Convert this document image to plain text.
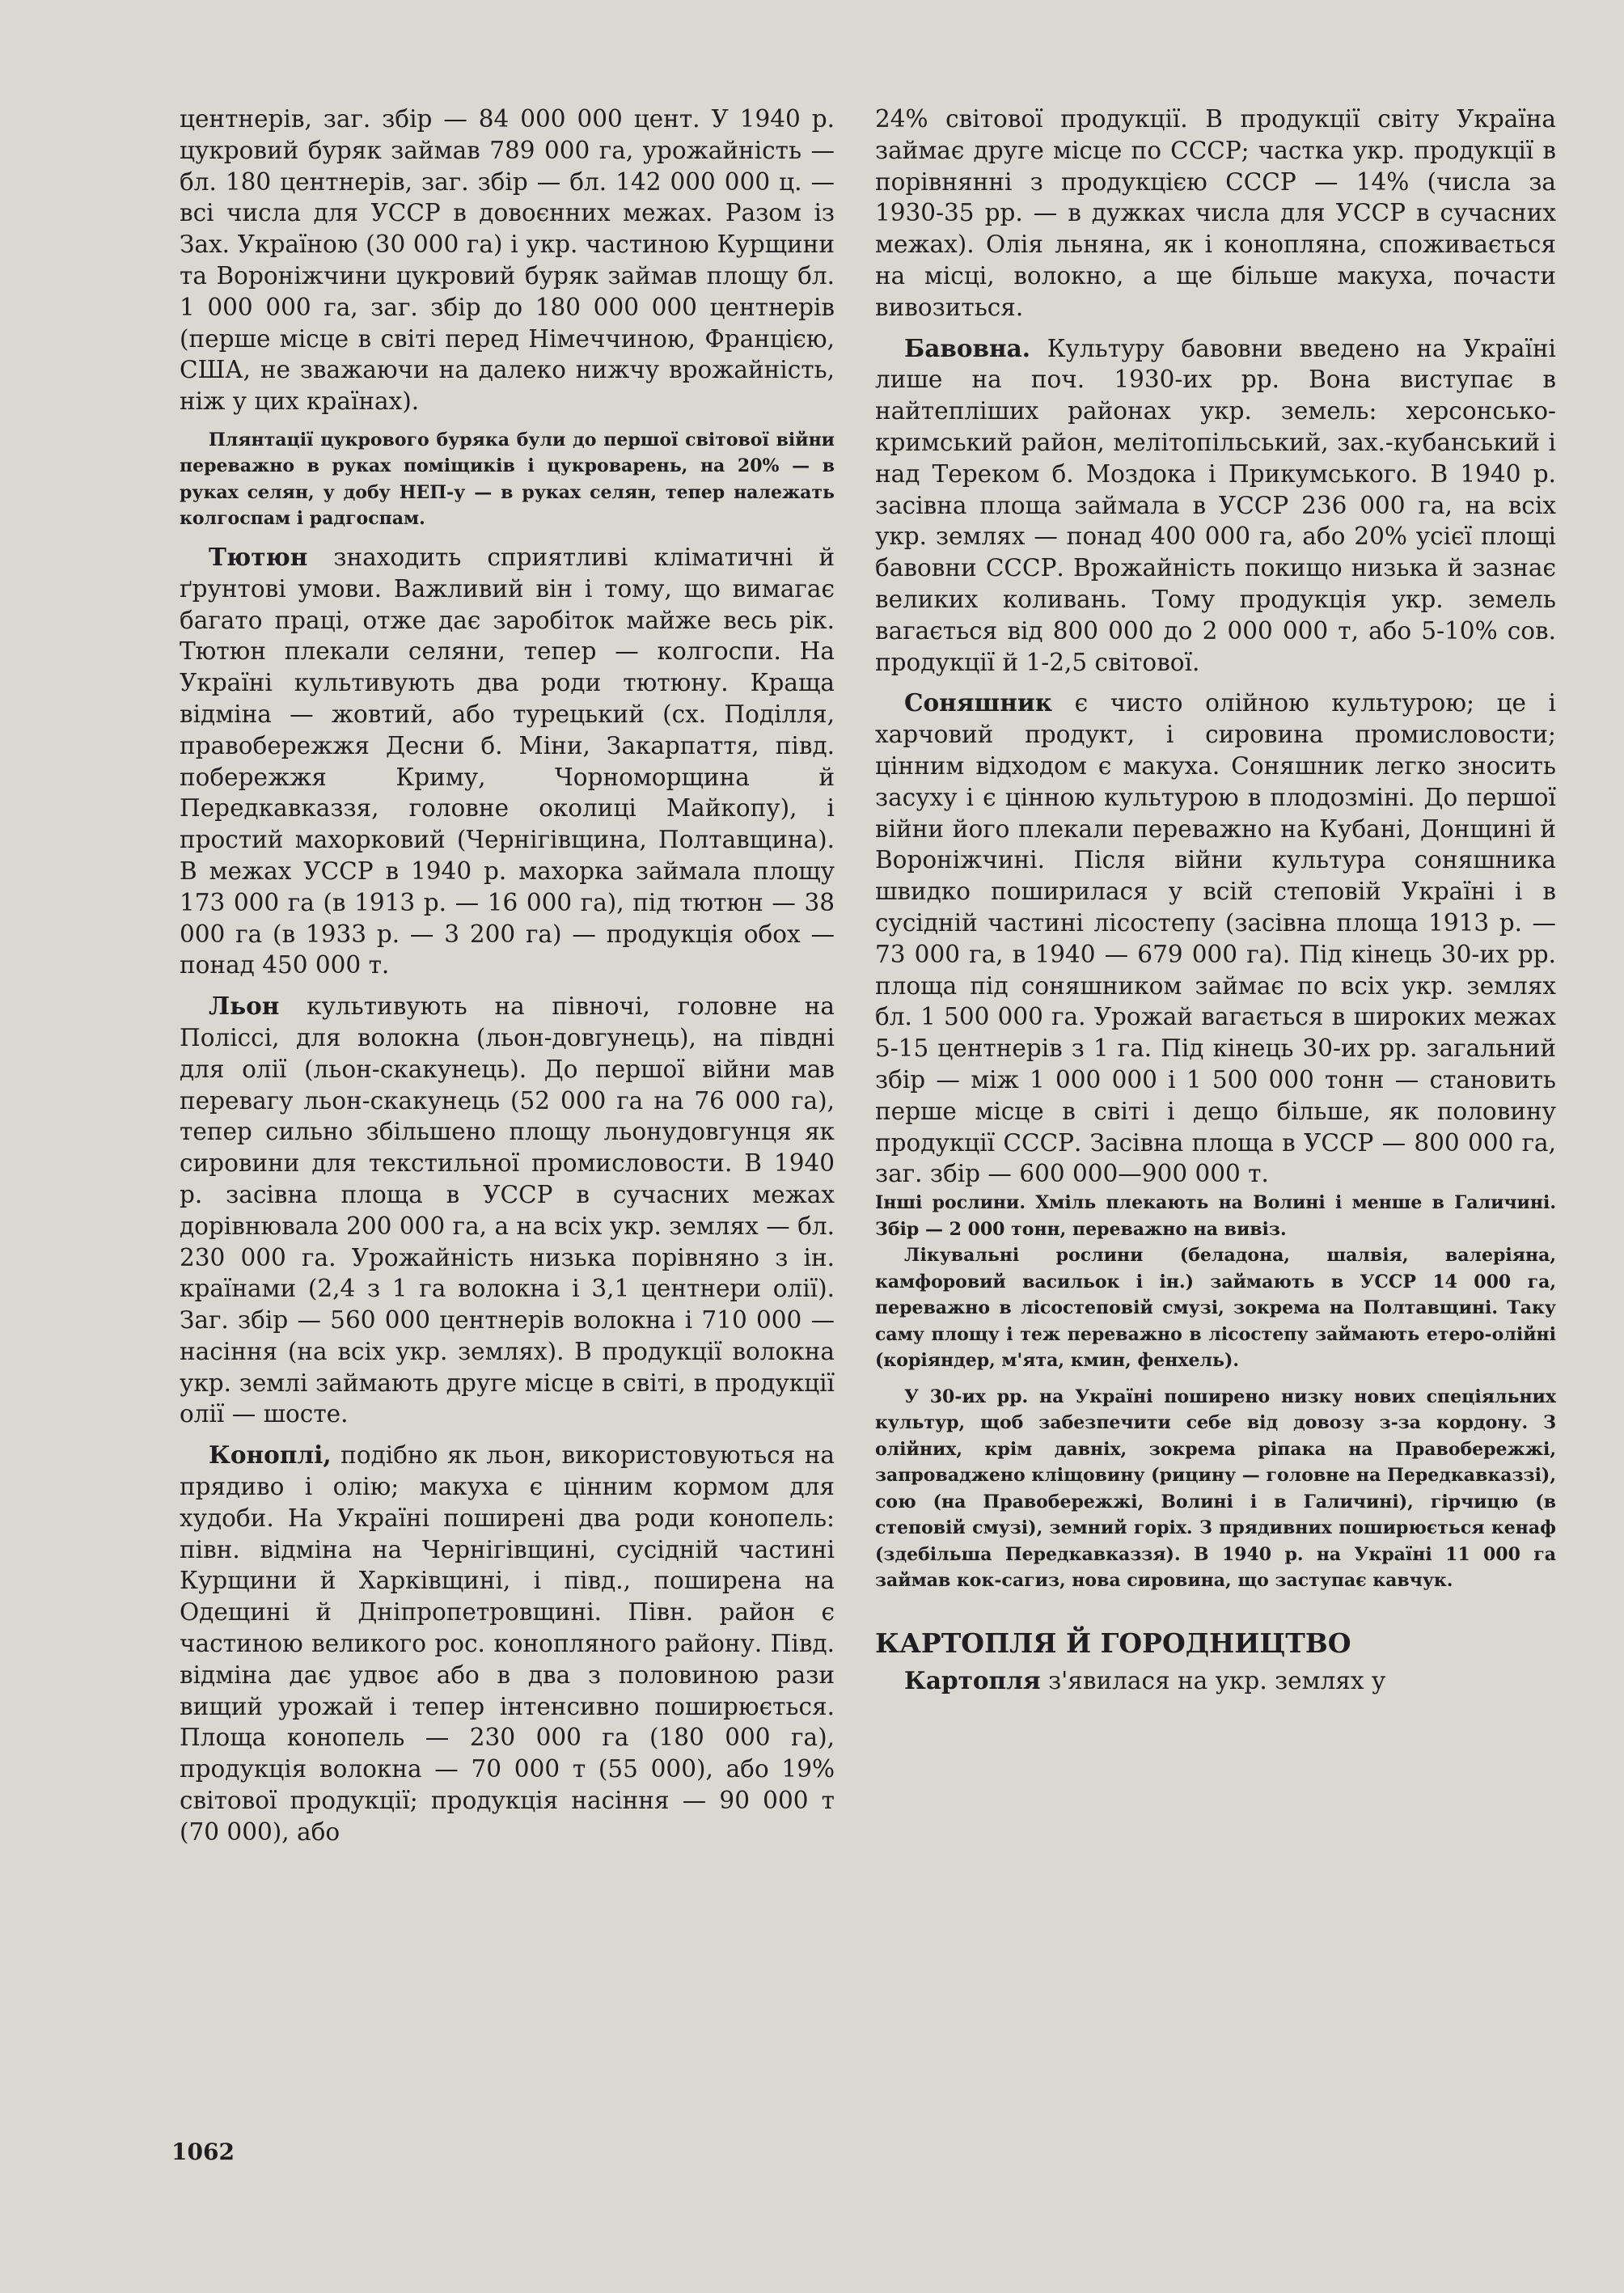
центнерів, заг. збір — 84 000 000 цент. У 1940 р. цукровий буряк займав 789 000 га, урожайність — бл. 180 центнерів, заг. збір — бл. 142 000 000 ц. — всі числа для УССР в довоєнних межах. Разом із Зах. Україною (30 000 га) і укр. частиною Курщини та Вороніжчини цукровий буряк займав площу бл. 1 000 000 га, заг. збір до 180 000 000 центнерів (перше місце в світі перед Німеччиною, Францією, США, не зважаючи на далеко нижчу врожайність, ніж у цих країнах).

Плянтації цукрового буряка були до першої світової війни переважно в руках поміщиків і цукроварень, на 20% — в руках селян, у добу НЕП-у — в руках селян, тепер належать колгоспам і радгоспам.

Тютюн знаходить сприятливі кліматичні й ґрунтові умови. Важливий він і тому, що вимагає багато праці, отже дає заробіток майже весь рік. Тютюн плекали селяни, тепер — колгоспи. На Україні культивують два роди тютюну. Краща відміна — жовтий, або турецький (сх. Поділля, правобережжя Десни б. Міни, Закарпаття, півд. побережжя Криму, Чорноморщина й Передкавказзя, головне околиці Майкопу), і простий махорковий (Чернігівщина, Полтавщина). В межах УССР в 1940 р. махорка займала площу 173 000 га (в 1913 р. — 16 000 га), під тютюн — 38 000 га (в 1933 р. — 3 200 га) — продукція обох — понад 450 000 т.

Льон культивують на півночі, головне на Поліссі, для волокна (льон-довгунець), на півдні для олії (льон-скакунець). До першої війни мав перевагу льон-скакунець (52 000 га на 76 000 га), тепер сильно збільшено площу льонудовгунця як сировини для текстильної промисловости. В 1940 р. засівна площа в УССР в сучасних межах дорівнювала 200 000 га, а на всіх укр. землях — бл. 230 000 га. Урожайність низька порівняно з ін. країнами (2,4 з 1 га волокна і 3,1 центнери олії). Заг. збір — 560 000 центнерів волокна і 710 000 — насіння (на всіх укр. землях). В продукції волокна укр. землі займають друге місце в світі, в продукції олії — шосте.

Коноплі, подібно як льон, використовуються на прядиво і олію; макуха є цінним кормом для худоби. На Україні поширені два роди конопель: півн. відміна на Чернігівщині, сусідній частині Курщини й Харківщині, і півд., поширена на Одещині й Дніпропетровщині. Півн. район є частиною великого рос. конопляного району. Півд. відміна дає удвоє або в два з половиною рази вищий урожай і тепер інтенсивно поширюється. Площа конопель — 230 000 га (180 000 га), продукція волокна — 70 000 т (55 000), або 19% світової продукції; продукція насіння — 90 000 т (70 000), або

24% світової продукції. В продукції світу Україна займає друге місце по СССР; частка укр. продукції в порівнянні з продукцією СССР — 14% (числа за 1930-35 рр. — в дужках числа для УССР в сучасних межах). Олія льняна, як і конопляна, споживається на місці, волокно, а ще більше макуха, почасти вивозиться.

Бавовна. Культуру бавовни введено на Україні лише на поч. 1930-их рр. Вона виступає в найтепліших районах укр. земель: херсонсько-кримський район, мелітопільський, зах.-кубанський і над Тереком б. Моздока і Прикумського. В 1940 р. засівна площа займала в УССР 236 000 га, на всіх укр. землях — понад 400 000 га, або 20% усієї площі бавовни СССР. Врожайність покищо низька й зазнає великих коливань. Тому продукція укр. земель вагається від 800 000 до 2 000 000 т, або 5-10% сов. продукції й 1-2,5 світової.

Соняшник є чисто олійною культурою; це і харчовий продукт, і сировина промисловости; цінним відходом є макуха. Соняшник легко зносить засуху і є цінною культурою в плодозміні. До першої війни його плекали переважно на Кубані, Донщині й Вороніжчині. Після війни культура соняшника швидко поширилася у всій степовій Україні і в сусідній частині лісостепу (засівна площа 1913 р. — 73 000 га, в 1940 — 679 000 га). Під кінець 30-их рр. площа під соняшником займає по всіх укр. землях бл. 1 500 000 га. Урожай вагається в широких межах 5-15 центнерів з 1 га. Під кінець 30-их рр. загальний збір — між 1 000 000 і 1 500 000 тонн — становить перше місце в світі і дещо більше, як половину продукції СССР. Засівна площа в УССР — 800 000 га, заг. збір — 600 000—900 000 т.

Інші рослини. Хміль плекають на Волині і менше в Галичині. Збір — 2 000 тонн, переважно на вивіз.

Лікувальні рослини (беладона, шалвія, валеріяна, камфоровий васильок і ін.) займають в УССР 14 000 га, переважно в лісостеповій смузі, зокрема на Полтавщині. Таку саму площу і теж переважно в лісостепу займають етеро-олійні (коріяндер, м'ята, кмин, фенхель).

У 30-их рр. на Україні поширено низку нових спеціяльних культур, щоб забезпечити себе від довозу з-за кордону. З олійних, крім давніх, зокрема ріпака на Правобережжі, запроваджено кліщовину (рицину — головне на Передкавказзі), сою (на Правобережжі, Волині і в Галичині), гірчицю (в степовій смузі), земний горіх. З прядивних поширюється кенаф (здебільша Передкавказзя). В 1940 р. на Україні 11 000 га займав кок-сагиз, нова сировина, що заступає кавчук.

КАРТОПЛЯ Й ГОРОДНИЦТВО

Картопля з'явилася на укр. землях у

1062
